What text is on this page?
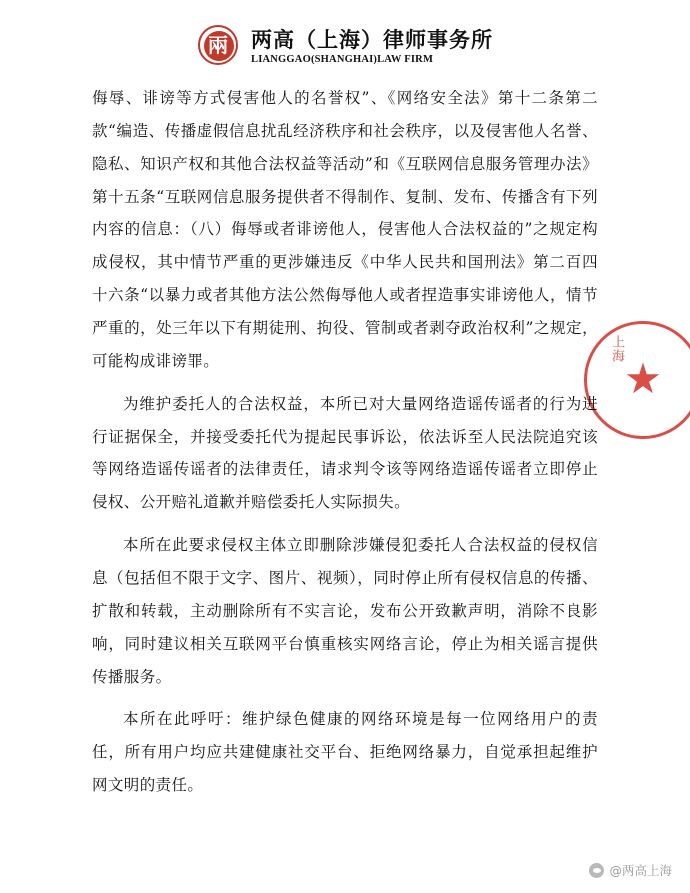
兩	两高（上海）律师事务所
LIANGGAO(SHANGHAI)LAW FIRM
上海

侮辱、诽谤等方式侵害他人的名誉权”、《网络安全法》第十二条第二款“编造、传播虚假信息扰乱经济秩序和社会秩序，以及侵害他人名誉、隐私、知识产权和其他合法权益等活动”和《互联网信息服务管理办法》第十五条“互联网信息服务提供者不得制作、复制、发布、传播含有下列内容的信息：（八）侮辱或者诽谤他人，侵害他人合法权益的”之规定构成侵权，其中情节严重的更涉嫌违反《中华人民共和国刑法》第二百四十六条“以暴力或者其他方法公然侮辱他人或者捏造事实诽谤他人，情节严重的，处三年以下有期徒刑、拘役、管制或者剥夺政治权利”之规定，可能构成诽谤罪。

为维护委托人的合法权益，本所已对大量网络造谣传谣者的行为进行证据保全，并接受委托代为提起民事诉讼，依法诉至人民法院追究该等网络造谣传谣者的法律责任，请求判令该等网络造谣传谣者立即停止侵权、公开赔礼道歉并赔偿委托人实际损失。

本所在此要求侵权主体立即删除涉嫌侵犯委托人合法权益的侵权信息（包括但不限于文字、图片、视频），同时停止所有侵权信息的传播、扩散和转载，主动删除所有不实言论，发布公开致歉声明，消除不良影响，同时建议相关互联网平台慎重核实网络言论，停止为相关谣言提供传播服务。

本所在此呼吁：维护绿色健康的网络环境是每一位网络用户的责任，所有用户均应共建健康社交平台、拒绝网络暴力，自觉承担起维护网文明的责任。

@两高上海
